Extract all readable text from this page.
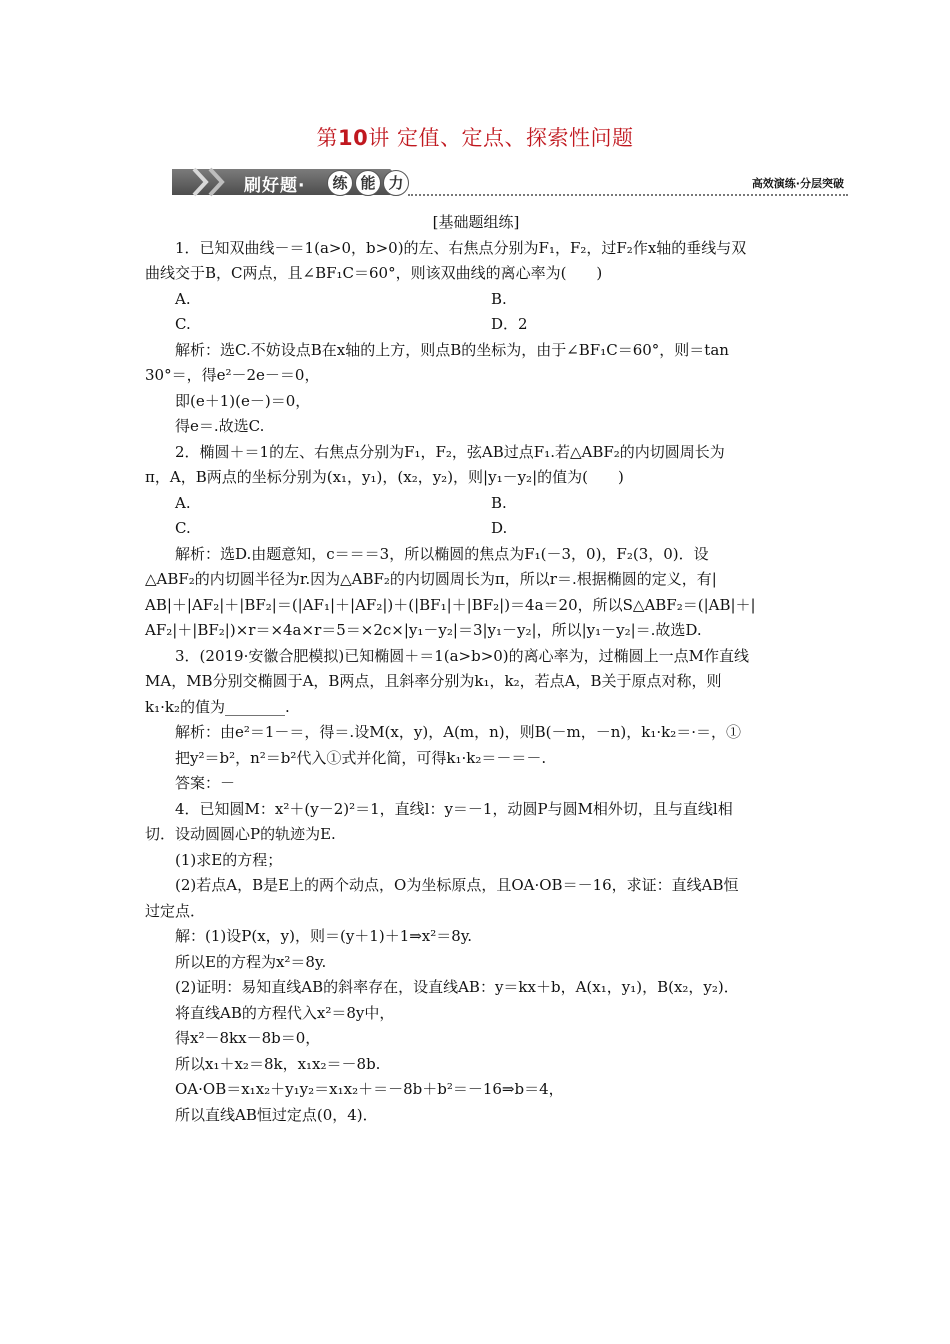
第10讲 定值、定点、探索性问题
刷好题·	练 能 力	高效演练·分层突破

[基础题组练]

1．已知双曲线－＝1(a>0，b>0)的左、右焦点分别为F₁，F₂，过F₂作x轴的垂线与双
曲线交于B，C两点，且∠BF₁C＝60°，则该双曲线的离心率为(　　)
A.	B.
C.	D．2
解析：选C.不妨设点B在x轴的上方，则点B的坐标为，由于∠BF₁C＝60°，则＝tan
30°＝，得e²－2e－＝0，
即(e＋1)(e－)＝0，
得e＝.故选C.
2．椭圆＋＝1的左、右焦点分别为F₁，F₂，弦AB过点F₁.若△ABF₂的内切圆周长为
π，A，B两点的坐标分别为(x₁，y₁)，(x₂，y₂)，则|y₁－y₂|的值为(　　)
A.	B.
C.	D.
解析：选D.由题意知，c＝＝＝3，所以椭圆的焦点为F₁(－3，0)，F₂(3，0)．设
△ABF₂的内切圆半径为r.因为△ABF₂的内切圆周长为π，所以r＝.根据椭圆的定义，有|
AB|＋|AF₂|＋|BF₂|＝(|AF₁|＋|AF₂|)＋(|BF₁|＋|BF₂|)＝4a＝20，所以S△ABF₂＝(|AB|＋|
AF₂|＋|BF₂|)×r＝×4a×r＝5＝×2c×|y₁－y₂|＝3|y₁－y₂|，所以|y₁－y₂|＝.故选D.
3．(2019·安徽合肥模拟)已知椭圆＋＝1(a>b>0)的离心率为，过椭圆上一点M作直线
MA，MB分别交椭圆于A，B两点，且斜率分别为k₁，k₂，若点A，B关于原点对称，则
k₁·k₂的值为________.
解析：由e²＝1－＝，得＝.设M(x，y)，A(m，n)，则B(－m，－n)，k₁·k₂＝·＝，①
把y²＝b²，n²＝b²代入①式并化简，可得k₁·k₂＝－＝－.
答案：－
4．已知圆M：x²＋(y－2)²＝1，直线l：y＝－1，动圆P与圆M相外切，且与直线l相
切．设动圆圆心P的轨迹为E.
(1)求E的方程；
(2)若点A，B是E上的两个动点，O为坐标原点，且OA·OB＝－16，求证：直线AB恒
过定点．
解：(1)设P(x，y)，则＝(y＋1)＋1⇒x²＝8y.
所以E的方程为x²＝8y.
(2)证明：易知直线AB的斜率存在，设直线AB：y＝kx＋b，A(x₁，y₁)，B(x₂，y₂)．
将直线AB的方程代入x²＝8y中，
得x²－8kx－8b＝0，
所以x₁＋x₂＝8k，x₁x₂＝－8b.
OA·OB＝x₁x₂＋y₁y₂＝x₁x₂＋＝－8b＋b²＝－16⇒b＝4，
所以直线AB恒过定点(0，4)．
